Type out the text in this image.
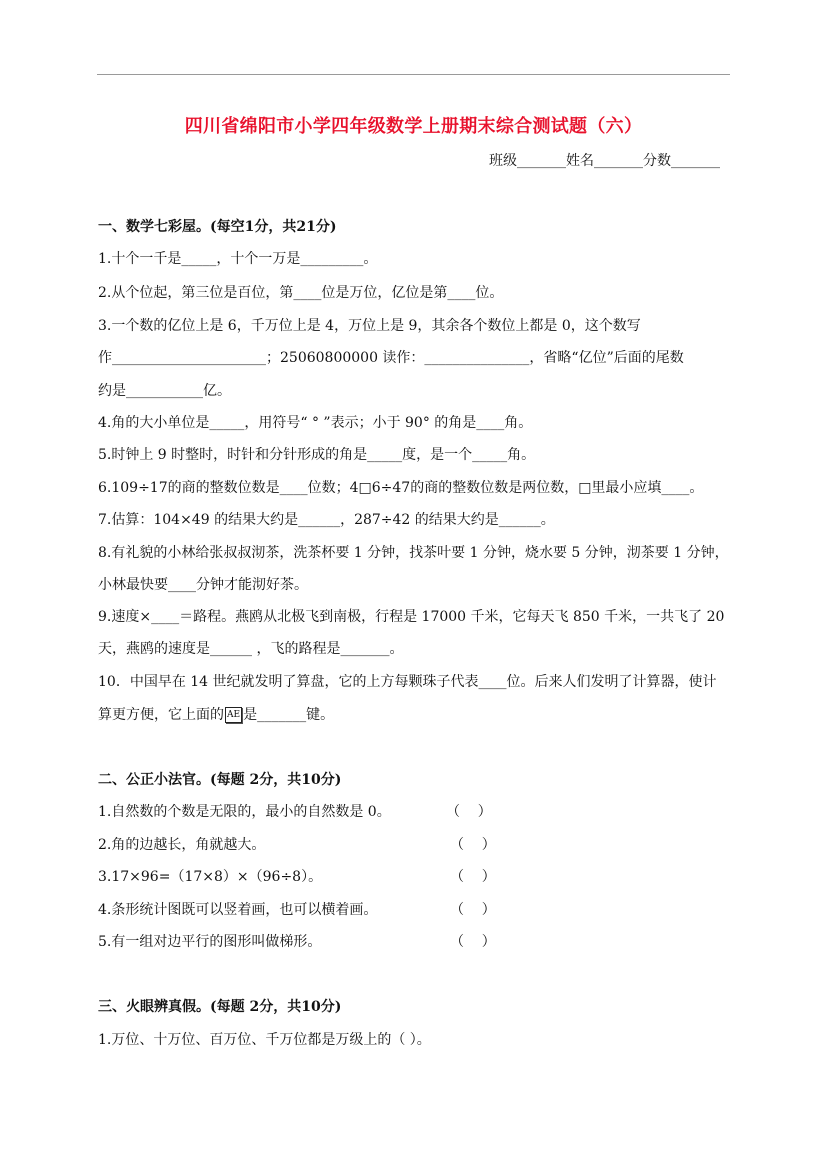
四川省绵阳市小学四年级数学上册期末综合测试题（六）
班级_______姓名_______分数_______
一、数学七彩屋。(每空1分，共21分)
1.十个一千是_____，十个一万是_________。
2.从个位起，第三位是百位，第____位是万位，亿位是第____位。
3.一个数的亿位上是 6，千万位上是 4，万位上是 9，其余各个数位上都是 0，这个数写
作______________________；25060800000 读作：_______________，省略“亿位”后面的尾数
约是___________亿。
4.角的大小单位是_____，用符号“ ° ”表示；小于 90° 的角是____角。
5.时钟上 9 时整时，时针和分针形成的角是_____度，是一个_____角。
6.109÷17的商的整数位数是____位数；4□6÷47的商的整数位数是两位数，□里最小应填____。
7.估算：104×49 的结果大约是______，287÷42 的结果大约是______。
8.有礼貌的小林给张叔叔沏茶，洗茶杯要 1 分钟，找茶叶要 1 分钟，烧水要 5 分钟，沏茶要 1 分钟，
小林最快要____分钟才能沏好茶。
9.速度×____＝路程。燕鸥从北极飞到南极，行程是 17000 千米，它每天飞 850 千米，一共飞了 20
天，燕鸥的速度是______ ，飞的路程是_______。
10．中国早在 14 世纪就发明了算盘，它的上方每颗珠子代表____位。后来人们发明了计算器，使计
算更方便，它上面的 AE 是_______键。
二、公正小法官。(每题 2分，共10分)
1.自然数的个数是无限的，最小的自然数是 0。	（    ）
2.角的边越长，角就越大。	（    ）
3.17×96=（17×8）×（96÷8）。	（    ）
4.条形统计图既可以竖着画，也可以横着画。	（    ）
5.有一组对边平行的图形叫做梯形。	（    ）
三、火眼辨真假。(每题 2分，共10分)
1.万位、十万位、百万位、千万位都是万级上的（ ）。
